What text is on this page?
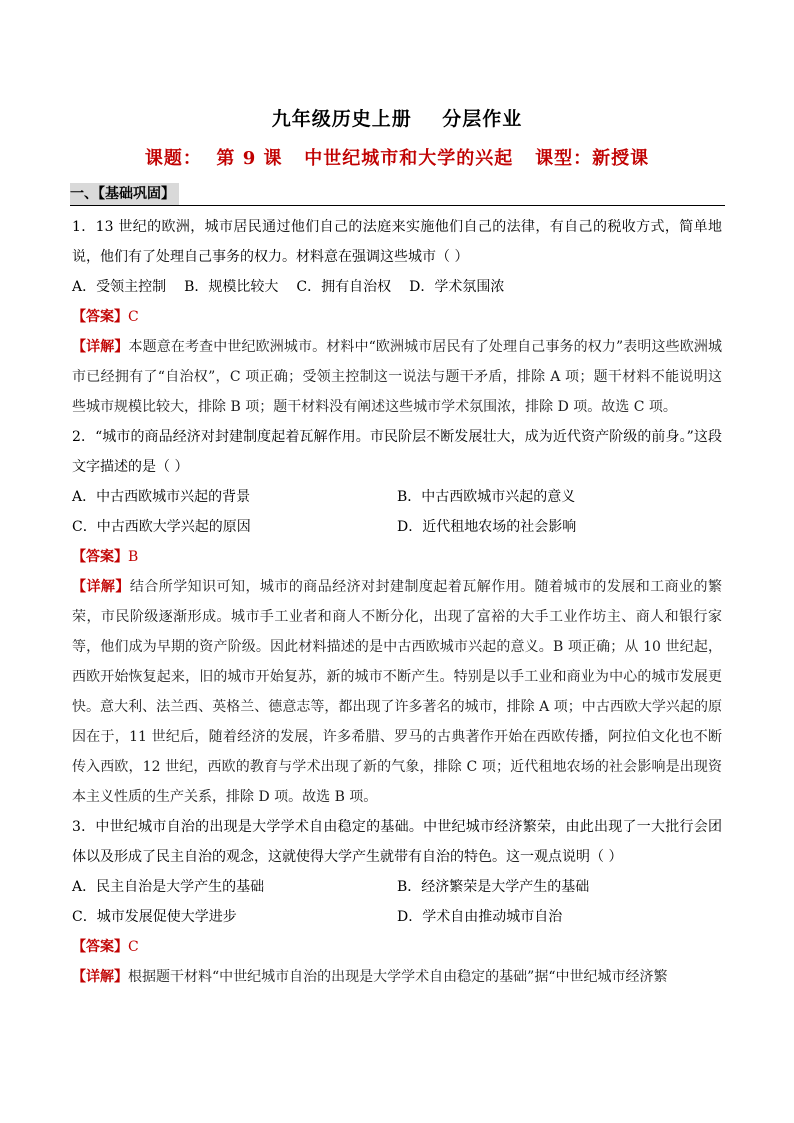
九年级历史上册    分层作业
课题：  第 9 课   中世纪城市和大学的兴起   课型：新授课
一、【基础巩固】

1．13 世纪的欧洲，城市居民通过他们自己的法庭来实施他们自己的法律，有自己的税收方式，简单地说，他们有了处理自己事务的权力。材料意在强调这些城市（ ）

A．受领主控制 B．规模比较大 C．拥有自治权 D．学术氛围浓

【答案】C

【详解】本题意在考查中世纪欧洲城市。材料中“欧洲城市居民有了处理自己事务的权力”表明这些欧洲城市已经拥有了“自治权”，C 项正确；受领主控制这一说法与题干矛盾，排除 A 项；题干材料不能说明这些城市规模比较大，排除 B 项；题干材料没有阐述这些城市学术氛围浓，排除 D 项。故选 C 项。

2．“城市的商品经济对封建制度起着瓦解作用。市民阶层不断发展壮大，成为近代资产阶级的前身。”这段文字描述的是（ ）

A．中古西欧城市兴起的背景	B．中古西欧城市兴起的意义
C．中古西欧大学兴起的原因	D．近代租地农场的社会影响

【答案】B

【详解】结合所学知识可知，城市的商品经济对封建制度起着瓦解作用。随着城市的发展和工商业的繁荣，市民阶级逐渐形成。城市手工业者和商人不断分化，出现了富裕的大手工业作坊主、商人和银行家等，他们成为早期的资产阶级。因此材料描述的是中古西欧城市兴起的意义。B 项正确；从 10 世纪起，西欧开始恢复起来，旧的城市开始复苏，新的城市不断产生。特别是以手工业和商业为中心的城市发展更快。意大利、法兰西、英格兰、德意志等，都出现了许多著名的城市，排除 A 项；中古西欧大学兴起的原因在于，11 世纪后，随着经济的发展，许多希腊、罗马的古典著作开始在西欧传播，阿拉伯文化也不断传入西欧，12 世纪，西欧的教育与学术出现了新的气象，排除 C 项；近代租地农场的社会影响是出现资本主义性质的生产关系，排除 D 项。故选 B 项。

3．中世纪城市自治的出现是大学学术自由稳定的基础。中世纪城市经济繁荣，由此出现了一大批行会团体以及形成了民主自治的观念，这就使得大学产生就带有自治的特色。这一观点说明（ ）

A．民主自治是大学产生的基础	B．经济繁荣是大学产生的基础
C．城市发展促使大学进步	D．学术自由推动城市自治

【答案】C

【详解】根据题干材料“中世纪城市自治的出现是大学学术自由稳定的基础”据“中世纪城市经济繁
